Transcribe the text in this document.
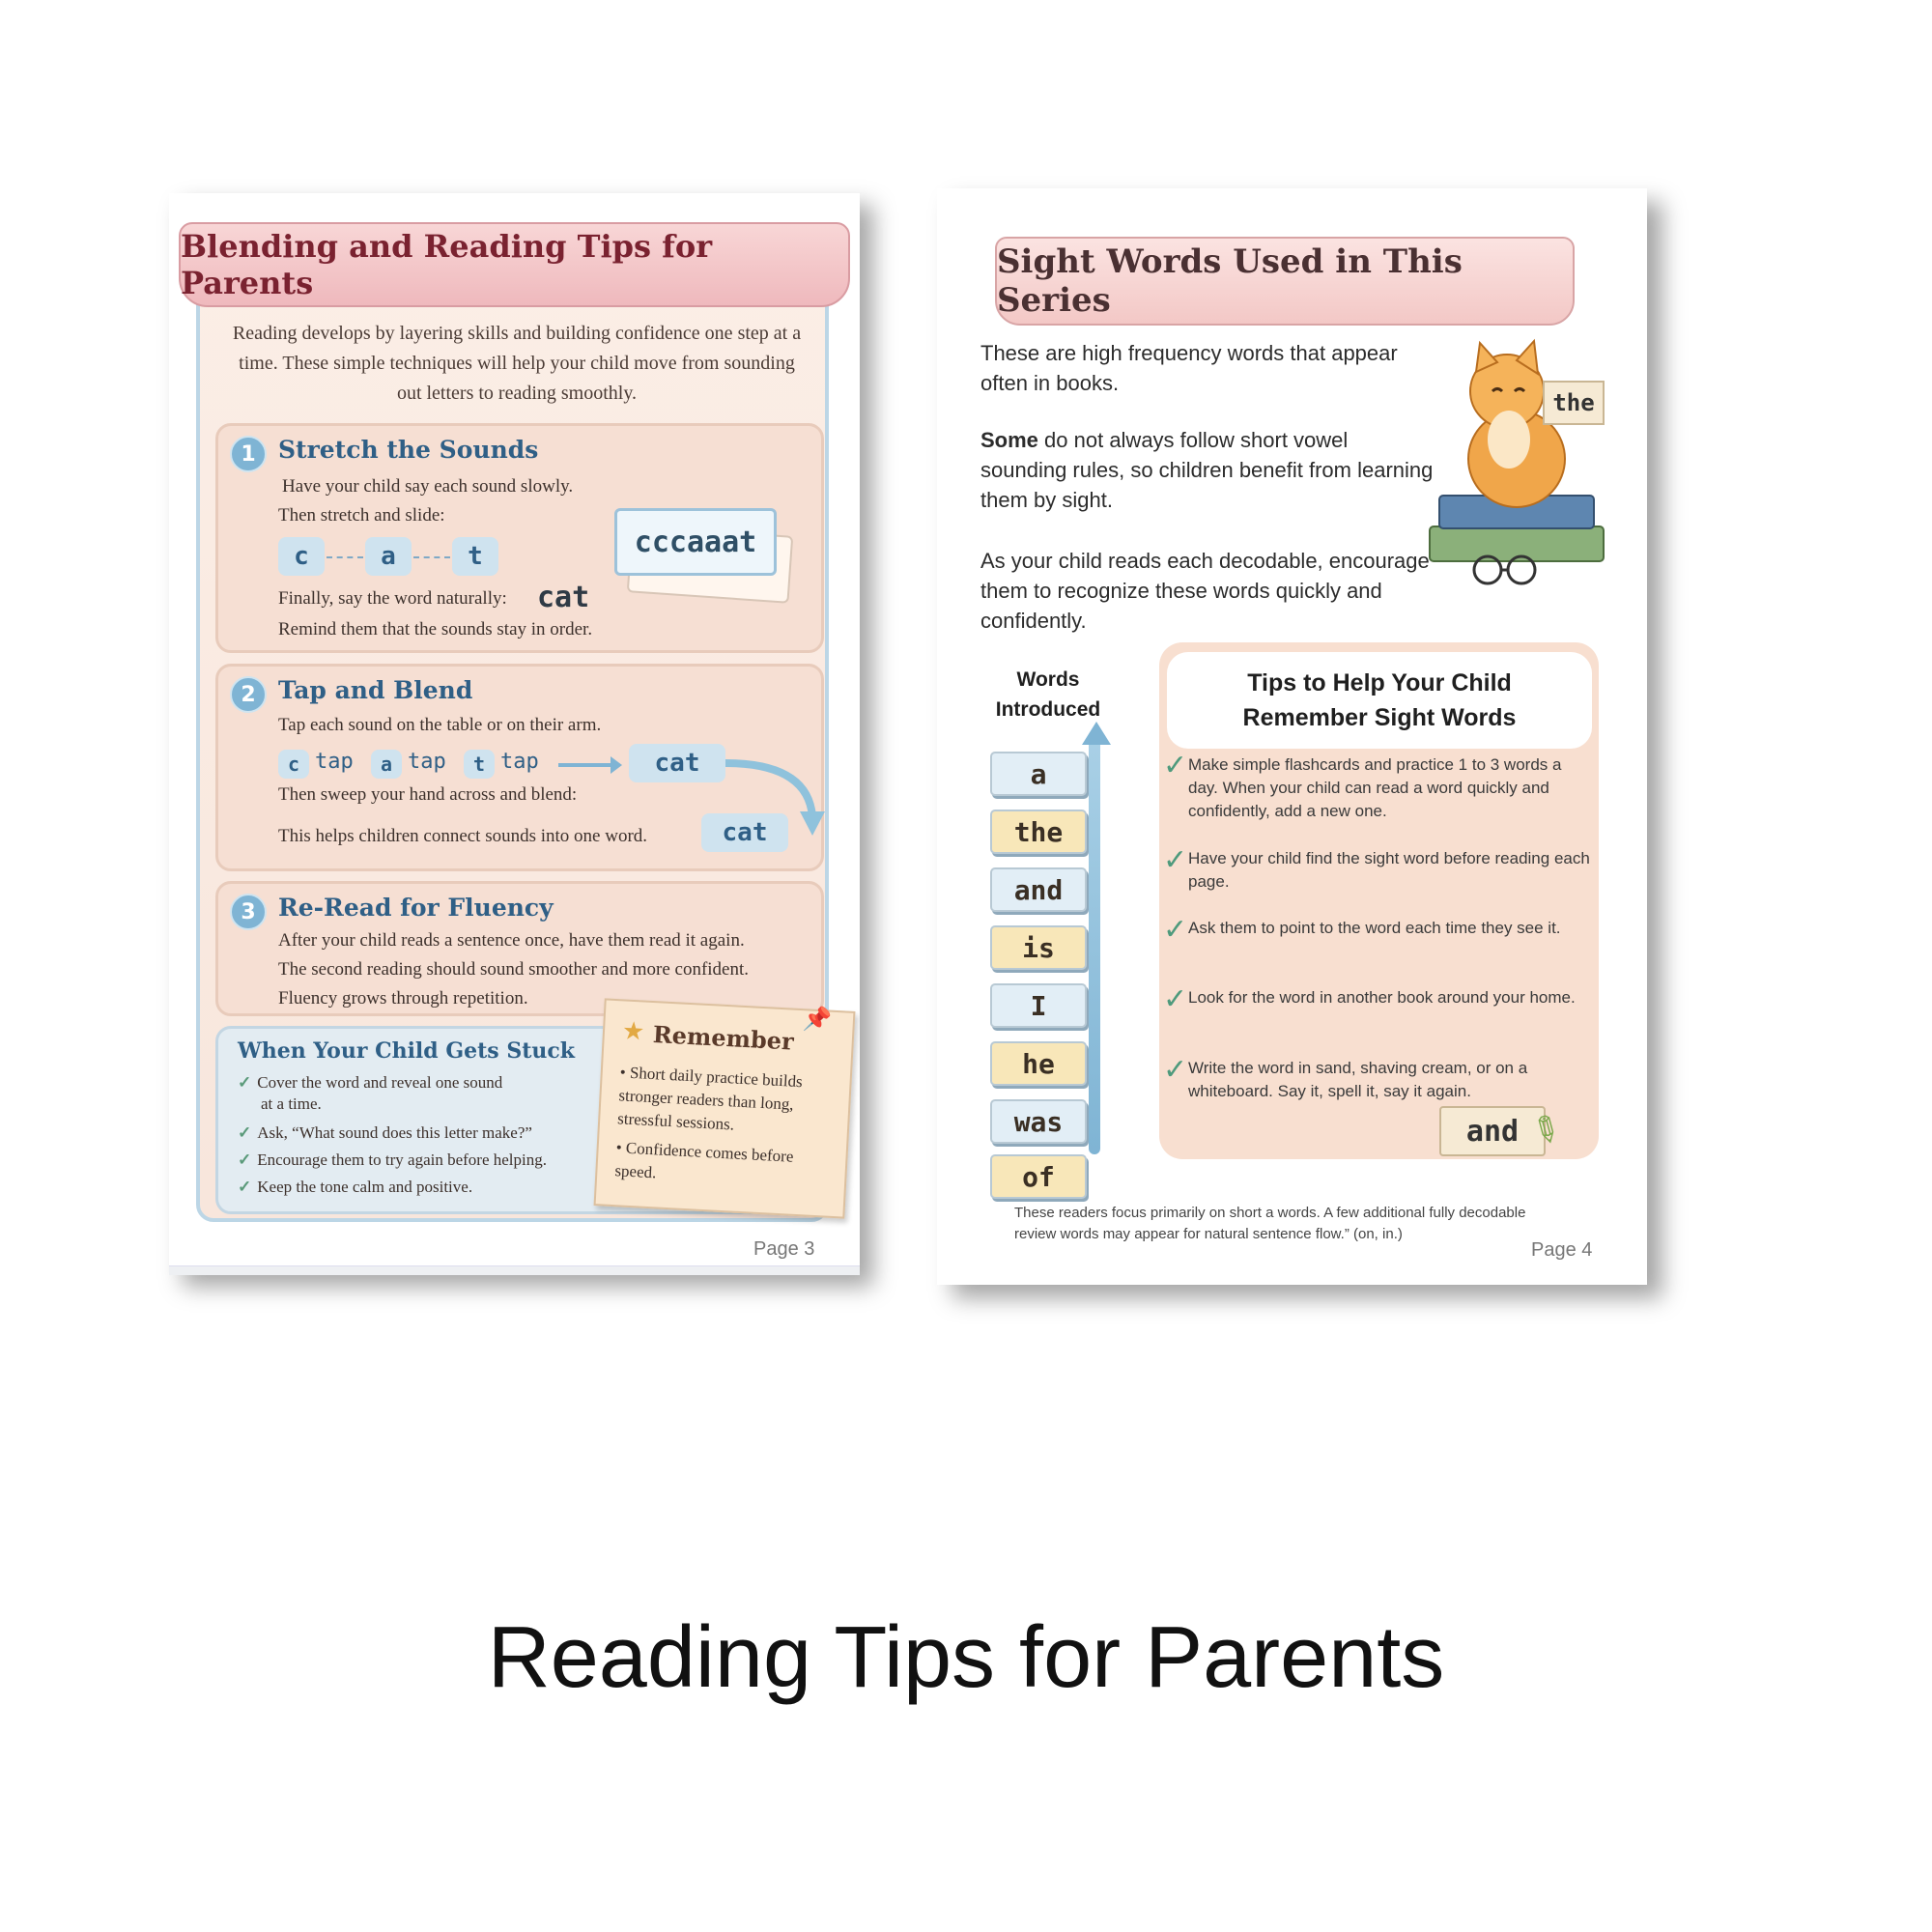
Blending and Reading Tips for Parents
Reading develops by layering skills and building confidence one step at a time. These simple techniques will help your child move from sounding out letters to reading smoothly.
1 Stretch the Sounds
Have your child say each sound slowly.
Then stretch and slide:
c	a	t	cccaaat
Finally, say the word naturally: cat
Remind them that the sounds stay in order.
2 Tap and Blend
Tap each sound on the table or on their arm.
c tap	a tap	t tap	cat
Then sweep your hand across and blend:
This helps children connect sounds into one word.	cat
3 Re-Read for Fluency
After your child reads a sentence once, have them read it again.
The second reading should sound smoother and more confident.
Fluency grows through repetition.
When Your Child Gets Stuck
✓ Cover the word and reveal one sound
at a time.
✓ Ask, “What sound does this letter make?”
✓ Encourage them to try again before helping.
✓ Keep the tone calm and positive.
★	📌
Remember
• Short daily practice builds stronger readers than long, stressful sessions.
• Confidence comes before speed.
Page 3
Sight Words Used in This Series
These are high frequency words that appear often in books.
Some do not always follow short vowel sounding rules, so children benefit from learning them by sight.
As your child reads each decodable, encourage them to recognize these words quickly and confidently.
the
Words
Introduced
a
the
and
is
I
he
was
of
Tips to Help Your Child
Remember Sight Words
✓ Make simple flashcards and practice 1 to 3 words a day. When your child can read a word quickly and confidently, add a new one.
✓ Have your child find the sight word before reading each page.
✓ Ask them to point to the word each time they see it.
✓ Look for the word in another book around your home.
✓ Write the word in sand, shaving cream, or on a whiteboard. Say it, spell it, say it again.
and ✎
These readers focus primarily on short a words. A few additional fully decodable review words may appear for natural sentence flow.” (on, in.)
Page 4
Reading Tips for Parents
